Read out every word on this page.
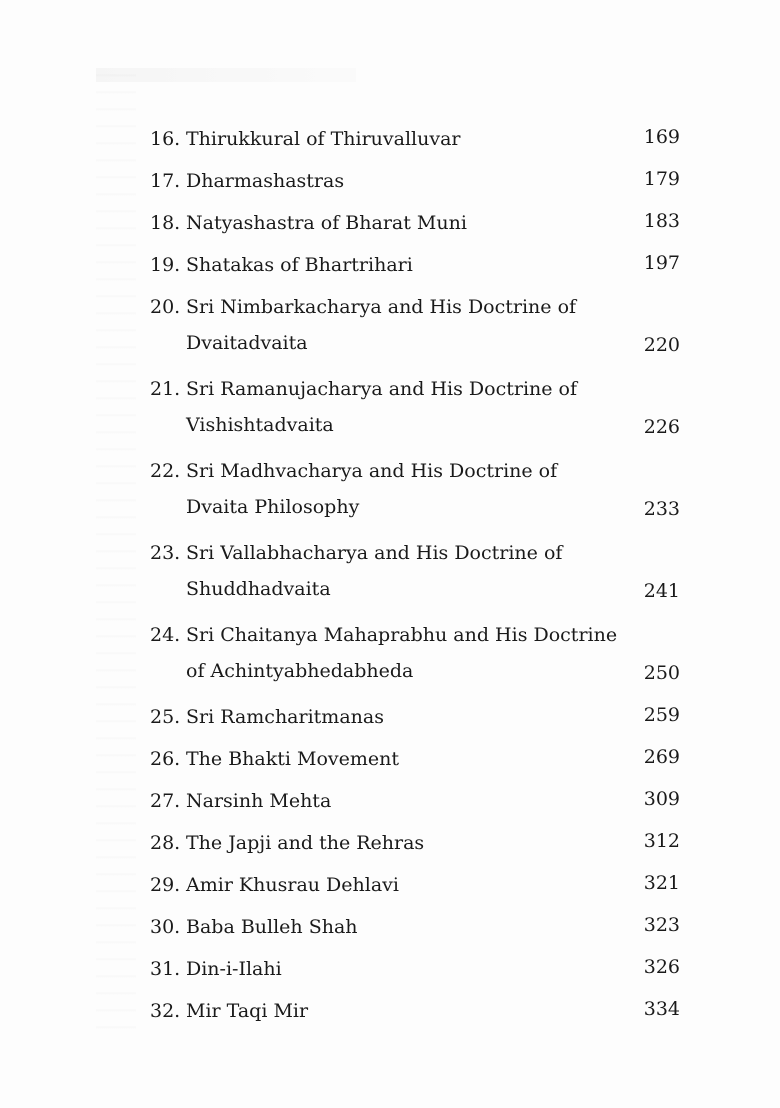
16. Thirukkural of Thiruvalluvar	169
17. Dharmashastras	179
18. Natyashastra of Bharat Muni	183
19. Shatakas of Bhartrihari	197
20. Sri Nimbarkacharya and His Doctrine of Dvaitadvaita	220
21. Sri Ramanujacharya and His Doctrine of Vishishtadvaita	226
22. Sri Madhvacharya and His Doctrine of Dvaita Philosophy	233
23. Sri Vallabhacharya and His Doctrine of Shuddhadvaita	241
24. Sri Chaitanya Mahaprabhu and His Doctrine of Achintyabhedabheda	250
25. Sri Ramcharitmanas	259
26. The Bhakti Movement	269
27. Narsinh Mehta	309
28. The Japji and the Rehras	312
29. Amir Khusrau Dehlavi	321
30. Baba Bulleh Shah	323
31. Din-i-Ilahi	326
32. Mir Taqi Mir	334
